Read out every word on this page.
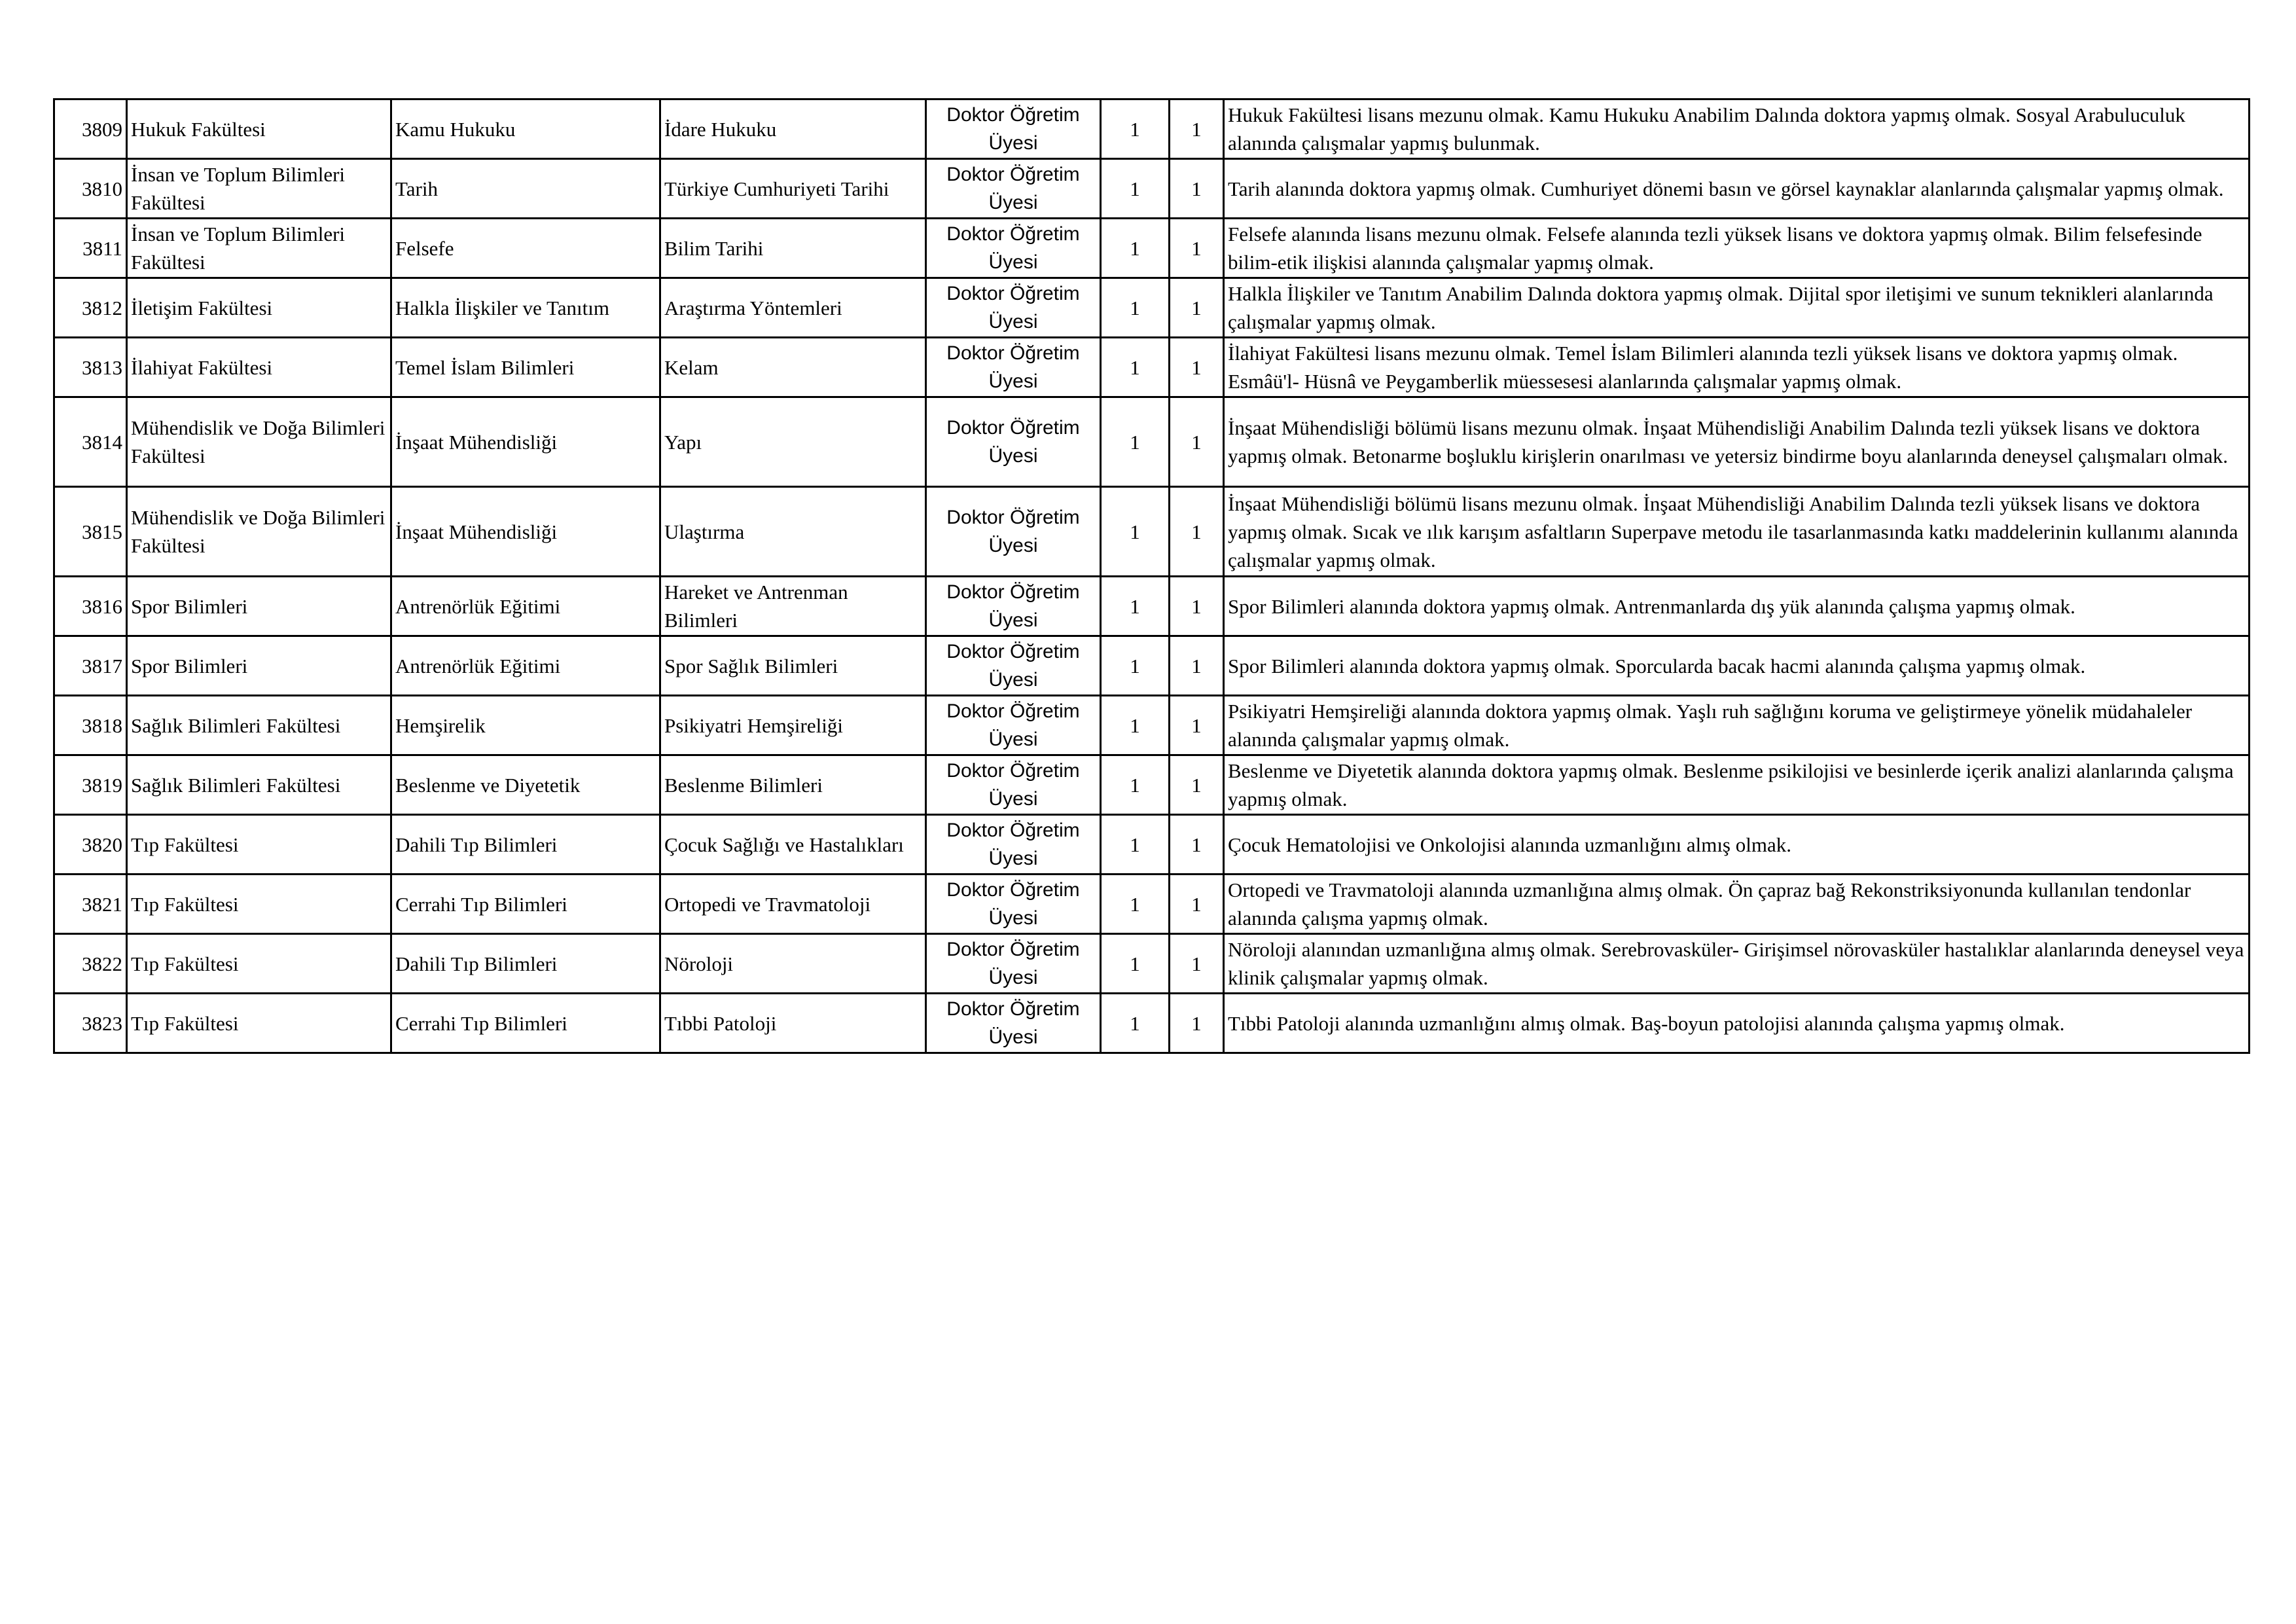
3809	Hukuk Fakültesi	Kamu Hukuku	İdare Hukuku	Doktor Öğretim Üyesi	1	1	Hukuk Fakültesi lisans mezunu olmak. Kamu Hukuku Anabilim Dalında doktora yapmış olmak. Sosyal Arabuluculuk alanında çalışmalar yapmış bulunmak.
3810	İnsan ve Toplum Bilimleri Fakültesi	Tarih	Türkiye Cumhuriyeti Tarihi	Doktor Öğretim Üyesi	1	1	Tarih alanında doktora yapmış olmak. Cumhuriyet dönemi basın ve görsel kaynaklar alanlarında çalışmalar yapmış olmak.
3811	İnsan ve Toplum Bilimleri Fakültesi	Felsefe	Bilim Tarihi	Doktor Öğretim Üyesi	1	1	Felsefe alanında lisans mezunu olmak. Felsefe alanında tezli yüksek lisans ve doktora yapmış olmak. Bilim felsefesinde bilim-etik ilişkisi alanında çalışmalar yapmış olmak.
3812	İletişim Fakültesi	Halkla İlişkiler ve Tanıtım	Araştırma Yöntemleri	Doktor Öğretim Üyesi	1	1	Halkla İlişkiler ve Tanıtım Anabilim Dalında doktora yapmış olmak. Dijital spor iletişimi ve sunum teknikleri alanlarında çalışmalar yapmış olmak.
3813	İlahiyat Fakültesi	Temel İslam Bilimleri	Kelam	Doktor Öğretim Üyesi	1	1	İlahiyat Fakültesi lisans mezunu olmak. Temel İslam Bilimleri alanında tezli yüksek lisans ve doktora yapmış olmak. Esmâü'l- Hüsnâ ve Peygamberlik müessesesi alanlarında çalışmalar yapmış olmak.
3814	Mühendislik ve Doğa Bilimleri Fakültesi	İnşaat Mühendisliği	Yapı	Doktor Öğretim Üyesi	1	1	İnşaat Mühendisliği bölümü lisans mezunu olmak. İnşaat Mühendisliği Anabilim Dalında tezli yüksek lisans ve doktora yapmış olmak. Betonarme boşluklu kirişlerin onarılması ve yetersiz bindirme boyu alanlarında deneysel çalışmaları olmak.
3815	Mühendislik ve Doğa Bilimleri Fakültesi	İnşaat Mühendisliği	Ulaştırma	Doktor Öğretim Üyesi	1	1	İnşaat Mühendisliği bölümü lisans mezunu olmak. İnşaat Mühendisliği Anabilim Dalında tezli yüksek lisans ve doktora yapmış olmak. Sıcak ve ılık karışım asfaltların Superpave metodu ile tasarlanmasında katkı maddelerinin kullanımı alanında çalışmalar yapmış olmak.
3816	Spor Bilimleri	Antrenörlük Eğitimi	Hareket ve Antrenman Bilimleri	Doktor Öğretim Üyesi	1	1	Spor Bilimleri alanında doktora yapmış olmak. Antrenmanlarda dış yük alanında çalışma yapmış olmak.
3817	Spor Bilimleri	Antrenörlük Eğitimi	Spor Sağlık Bilimleri	Doktor Öğretim Üyesi	1	1	Spor Bilimleri alanında doktora yapmış olmak. Sporcularda bacak hacmi alanında çalışma yapmış olmak.
3818	Sağlık Bilimleri Fakültesi	Hemşirelik	Psikiyatri Hemşireliği	Doktor Öğretim Üyesi	1	1	Psikiyatri Hemşireliği alanında doktora yapmış olmak. Yaşlı ruh sağlığını koruma ve geliştirmeye yönelik müdahaleler alanında çalışmalar yapmış olmak.
3819	Sağlık Bilimleri Fakültesi	Beslenme ve Diyetetik	Beslenme Bilimleri	Doktor Öğretim Üyesi	1	1	Beslenme ve Diyetetik alanında doktora yapmış olmak. Beslenme psikilojisi ve besinlerde içerik analizi alanlarında çalışma yapmış olmak.
3820	Tıp Fakültesi	Dahili Tıp Bilimleri	Çocuk Sağlığı ve Hastalıkları	Doktor Öğretim Üyesi	1	1	Çocuk Hematolojisi ve Onkolojisi alanında uzmanlığını almış olmak.
3821	Tıp Fakültesi	Cerrahi Tıp Bilimleri	Ortopedi ve Travmatoloji	Doktor Öğretim Üyesi	1	1	Ortopedi ve Travmatoloji alanında uzmanlığına almış olmak. Ön çapraz bağ Rekonstriksiyonunda kullanılan tendonlar alanında çalışma yapmış olmak.
3822	Tıp Fakültesi	Dahili Tıp Bilimleri	Nöroloji	Doktor Öğretim Üyesi	1	1	Nöroloji alanından uzmanlığına almış olmak. Serebrovasküler- Girişimsel nörovasküler hastalıklar alanlarında deneysel veya klinik çalışmalar yapmış olmak.
3823	Tıp Fakültesi	Cerrahi Tıp Bilimleri	Tıbbi Patoloji	Doktor Öğretim Üyesi	1	1	Tıbbi Patoloji alanında uzmanlığını almış olmak. Baş-boyun patolojisi alanında çalışma yapmış olmak.
